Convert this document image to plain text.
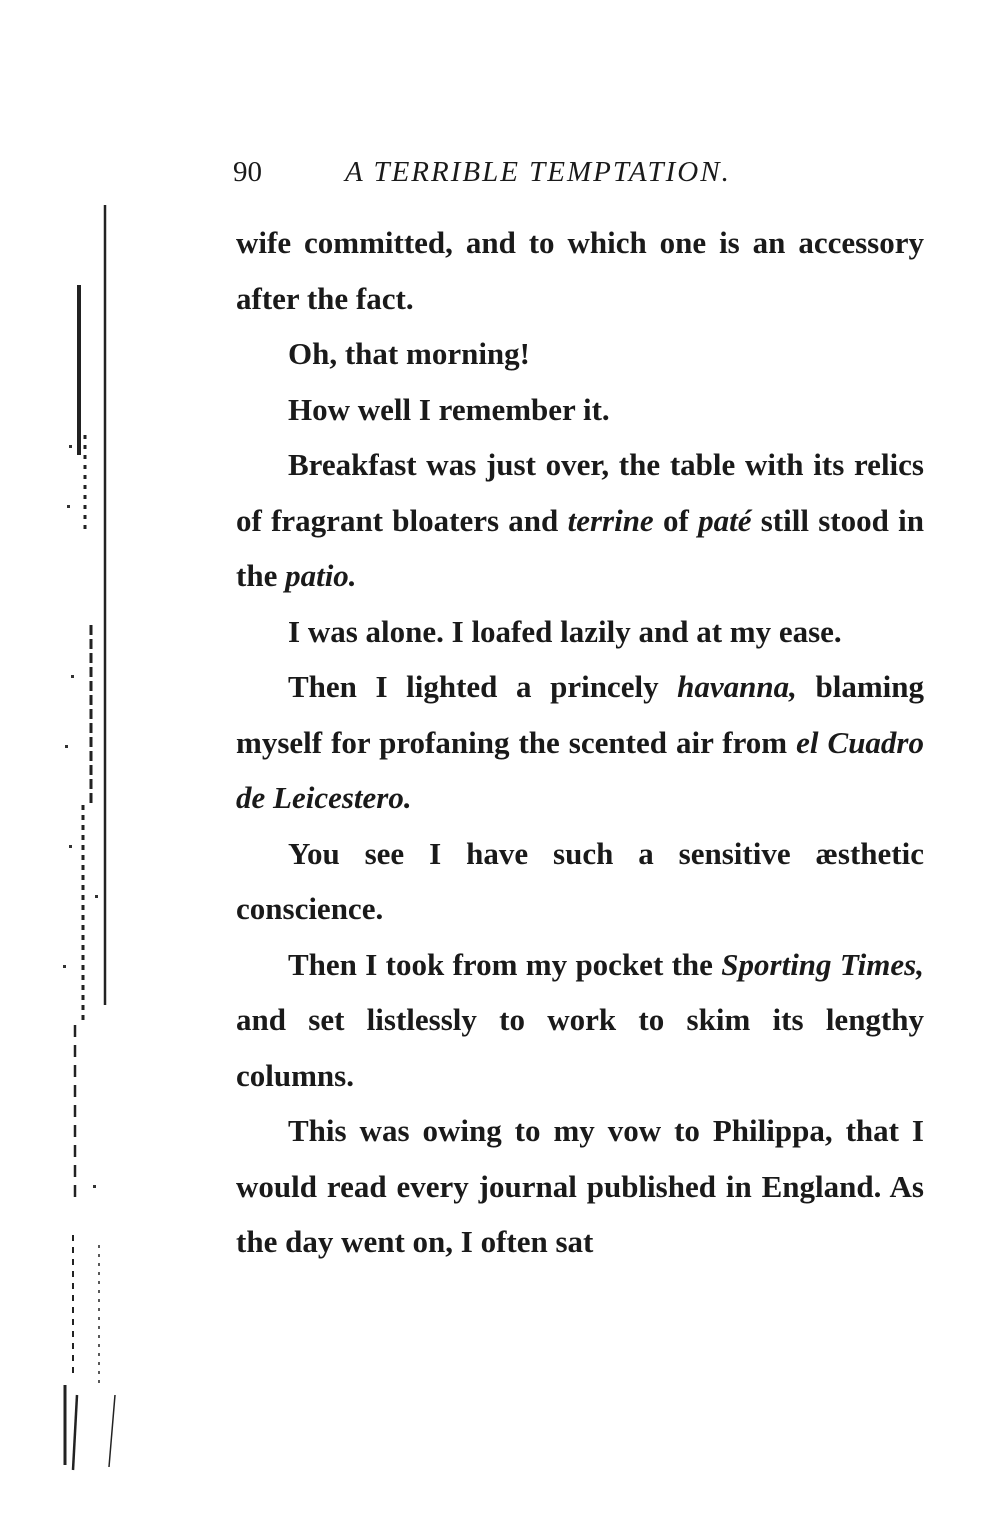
90	A TERRIBLE TEMPTATION.

wife committed, and to which one is an accessory after the fact.

Oh, that morning!

How well I remember it.

Breakfast was just over, the table with its relics of fragrant bloaters and terrine of paté still stood in the patio.

I was alone. I loafed lazily and at my ease.

Then I lighted a princely havanna, blaming myself for profaning the scented air from el Cuadro de Leicestero.

You see I have such a sensitive æsthetic conscience.

Then I took from my pocket the Sporting Times, and set listlessly to work to skim its lengthy columns.

This was owing to my vow to Philippa, that I would read every journal published in England. As the day went on, I often sat
